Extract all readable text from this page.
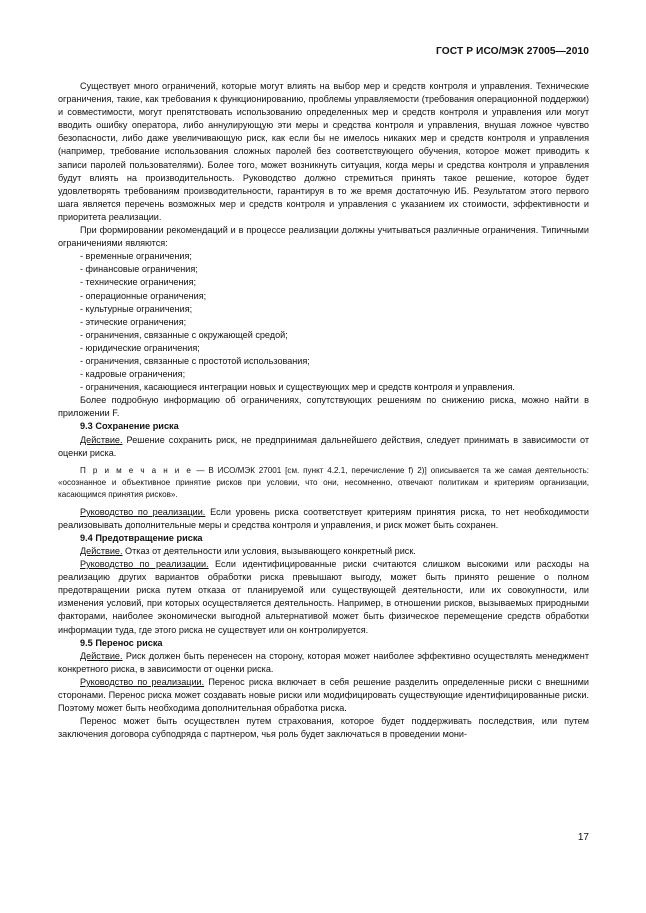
ГОСТ Р ИСО/МЭК 27005—2010

Существует много ограничений, которые могут влиять на выбор мер и средств контроля и управления. Технические ограничения, такие, как требования к функционированию, проблемы управляемости (требования операционной поддержки) и совместимости, могут препятствовать использованию определенных мер и средств контроля и управления или могут вводить ошибку оператора, либо аннулирующую эти меры и средства контроля и управления, внушая ложное чувство безопасности, либо даже увеличивающую риск, как если бы не имелось никаких мер и средств контроля и управления (например, требование использования сложных паролей без соответствующего обучения, которое может приводить к записи паролей пользователями). Более того, может возникнуть ситуация, когда меры и средства контроля и управления будут влиять на производительность. Руководство должно стремиться принять такое решение, которое будет удовлетворять требованиям производительности, гарантируя в то же время достаточную ИБ. Результатом этого первого шага является перечень возможных мер и средств контроля и управления с указанием их стоимости, эффективности и приоритета реализации.

При формировании рекомендаций и в процессе реализации должны учитываться различные ограничения. Типичными ограничениями являются:

- временные ограничения;

- финансовые ограничения;

- технические ограничения;

- операционные ограничения;

- культурные ограничения;

- этические ограничения;

- ограничения, связанные с окружающей средой;

- юридические ограничения;

- ограничения, связанные с простотой использования;

- кадровые ограничения;

- ограничения, касающиеся интеграции новых и существующих мер и средств контроля и управления.

Более подробную информацию об ограничениях, сопутствующих решениям по снижению риска, можно найти в приложении F.

9.3 Сохранение риска

Действие. Решение сохранить риск, не предпринимая дальнейшего действия, следует принимать в зависимости от оценки риска.

П р и м е ч а н и е — В ИСО/МЭК 27001 [см. пункт 4.2.1, перечисление f) 2)] описывается та же самая деятельность: «осознанное и объективное принятие рисков при условии, что они, несомненно, отвечают политикам и критериям организации, касающимся принятия рисков».

Руководство по реализации. Если уровень риска соответствует критериям принятия риска, то нет необходимости реализовывать дополнительные меры и средства контроля и управления, и риск может быть сохранен.

9.4 Предотвращение риска

Действие. Отказ от деятельности или условия, вызывающего конкретный риск.

Руководство по реализации. Если идентифицированные риски считаются слишком высокими или расходы на реализацию других вариантов обработки риска превышают выгоду, может быть принято решение о полном предотвращении риска путем отказа от планируемой или существующей деятельности, или их совокупности, или изменения условий, при которых осуществляется деятельность. Например, в отношении рисков, вызываемых природными факторами, наиболее экономически выгодной альтернативой может быть физическое перемещение средств обработки информации туда, где этого риска не существует или он контролируется.

9.5 Перенос риска

Действие. Риск должен быть перенесен на сторону, которая может наиболее эффективно осуществлять менеджмент конкретного риска, в зависимости от оценки риска.

Руководство по реализации. Перенос риска включает в себя решение разделить определенные риски с внешними сторонами. Перенос риска может создавать новые риски или модифицировать существующие идентифицированные риски. Поэтому может быть необходима дополнительная обработка риска.

Перенос может быть осуществлен путем страхования, которое будет поддерживать последствия, или путем заключения договора субподряда с партнером, чья роль будет заключаться в проведении мони-

17
